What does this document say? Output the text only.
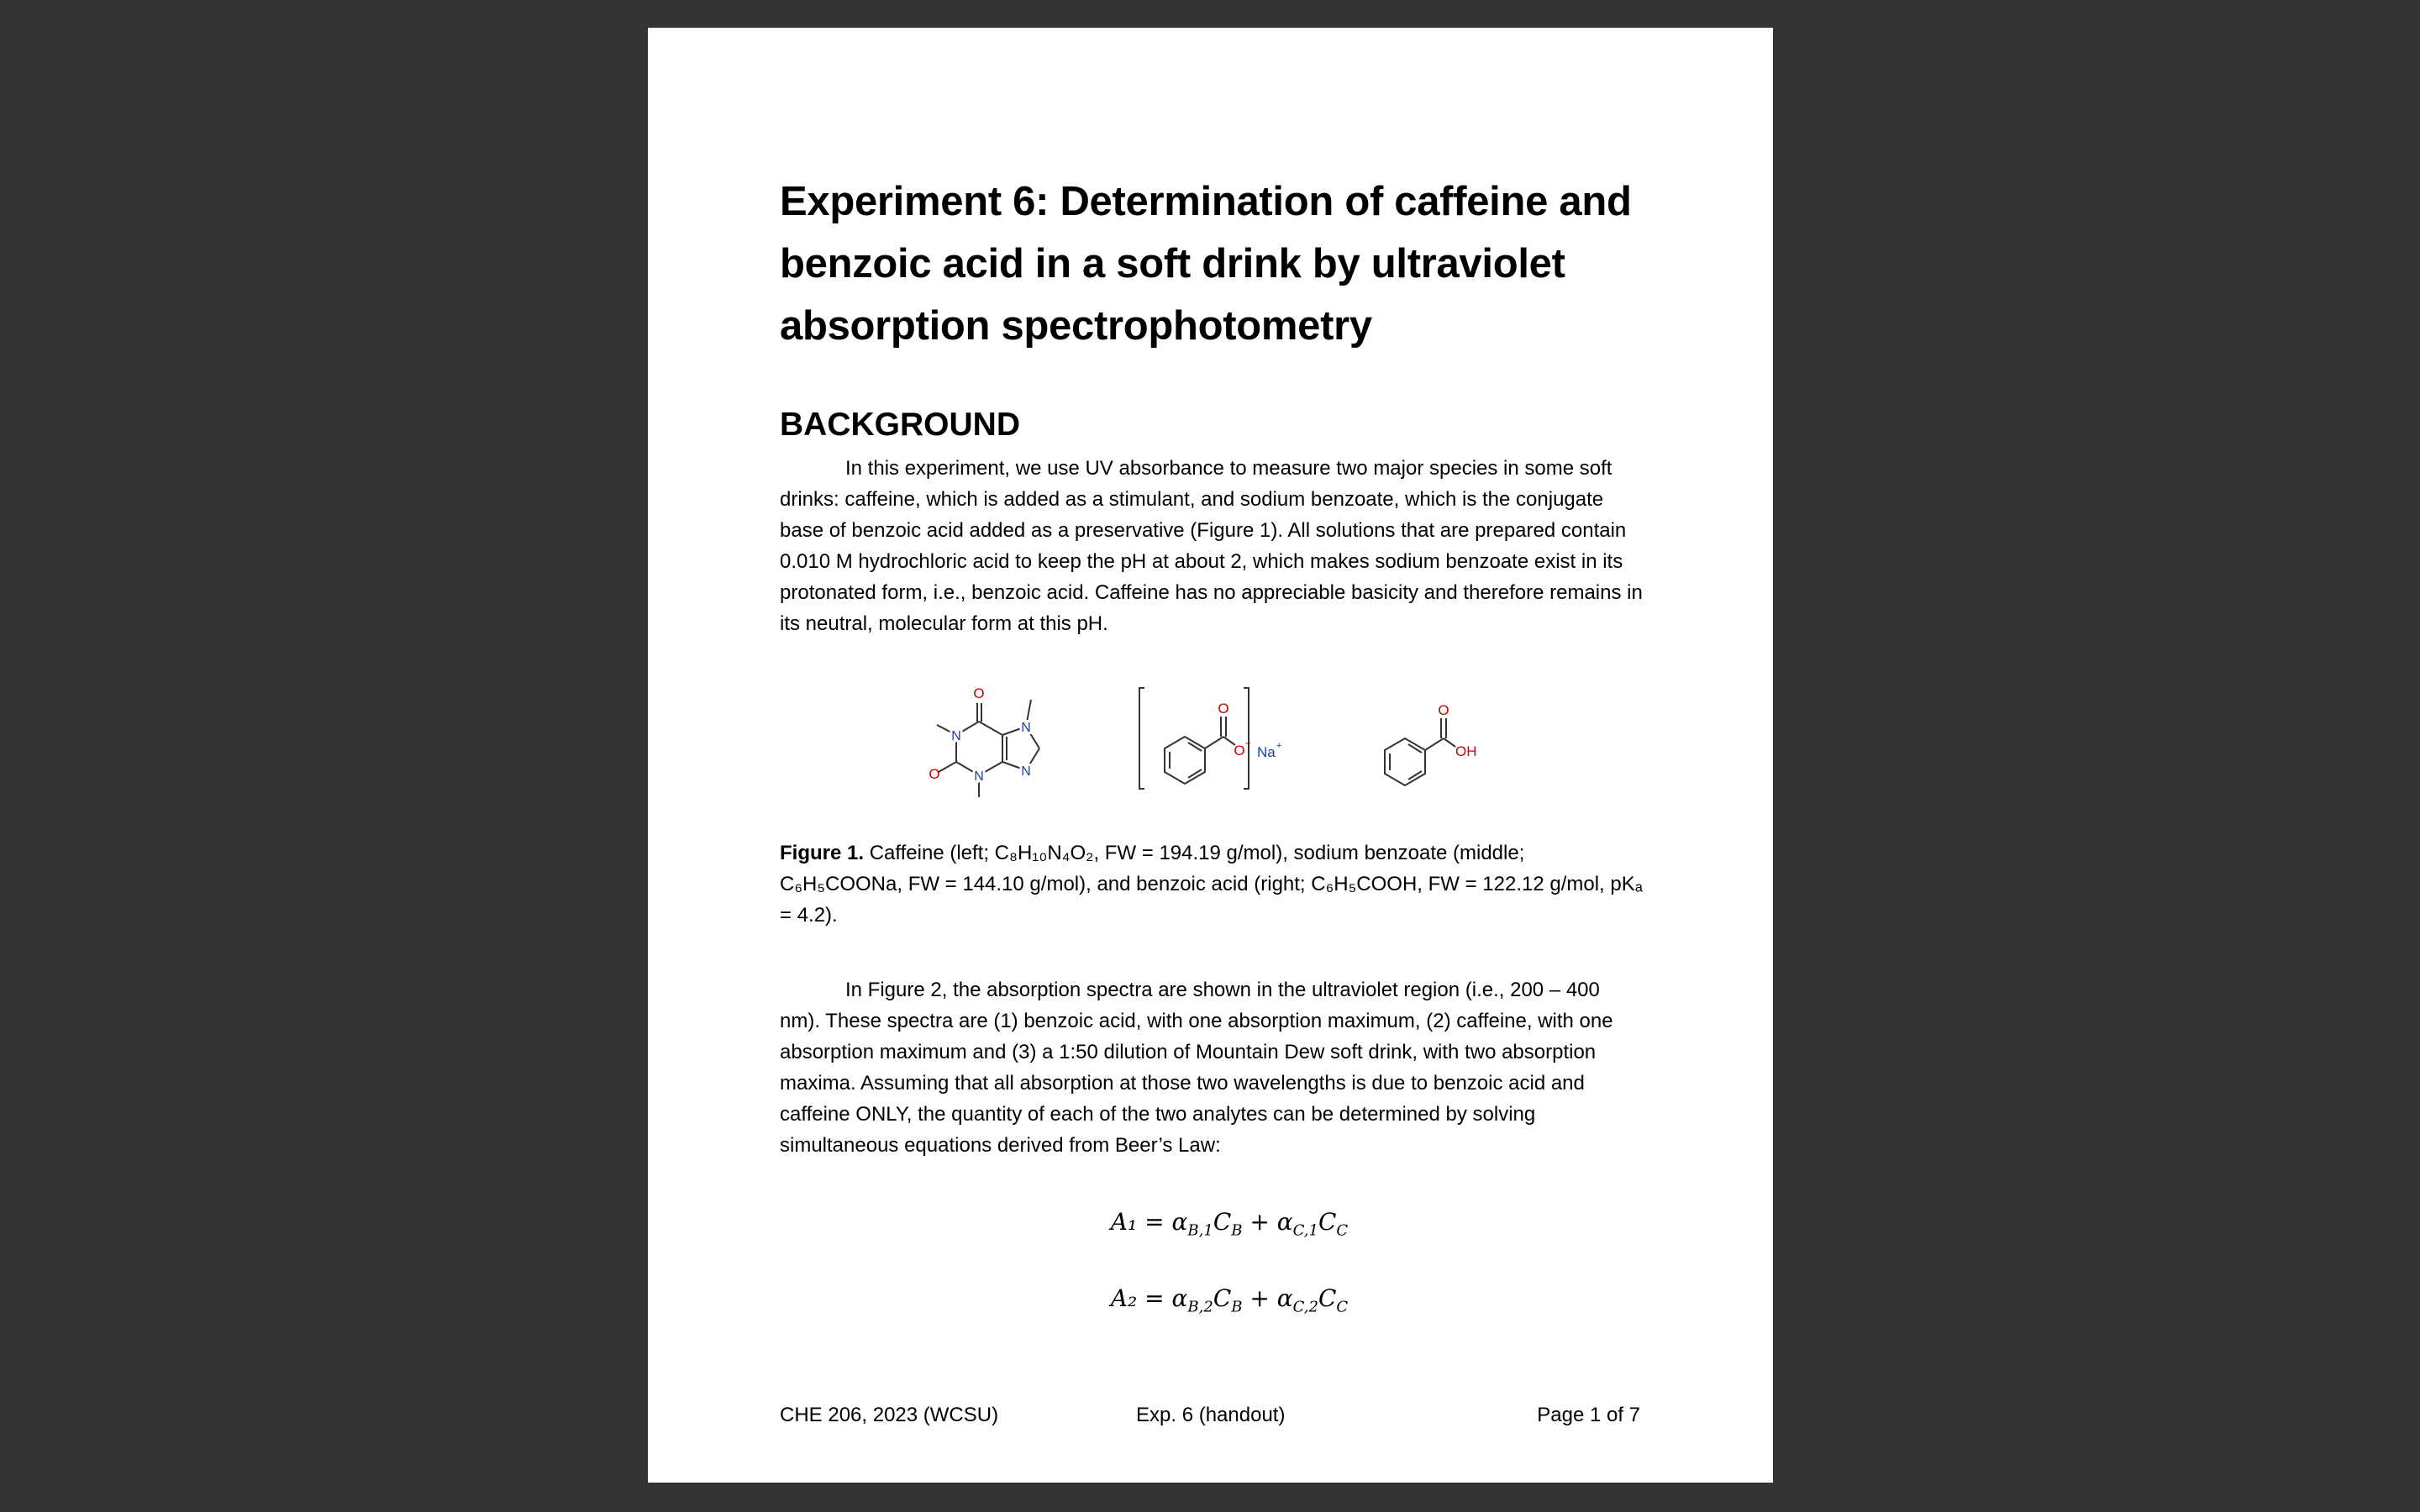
Experiment 6: Determination of caffeine and benzoic acid in a soft drink by ultraviolet absorption spectrophotometry
BACKGROUND

In this experiment, we use UV absorbance to measure two major species in some soft drinks: caffeine, which is added as a stimulant, and sodium benzoate, which is the conjugate base of benzoic acid added as a preservative (Figure 1). All solutions that are prepared contain 0.010 M hydrochloric acid to keep the pH at about 2, which makes sodium benzoate exist in its protonated form, i.e., benzoic acid. Caffeine has no appreciable basicity and therefore remains in its neutral, molecular form at this pH.

O
O
N
N
N
N
O
O −
Na +
O
OH

Figure 1. Caffeine (left; C₈H₁₀N₄O₂, FW = 194.19 g/mol), sodium benzoate (middle; C₆H₅COONa, FW = 144.10 g/mol), and benzoic acid (right; C₆H₅COOH, FW = 122.12 g/mol, pKₐ = 4.2).

In Figure 2, the absorption spectra are shown in the ultraviolet region (i.e., 200 – 400 nm). These spectra are (1) benzoic acid, with one absorption maximum, (2) caffeine, with one absorption maximum and (3) a 1:50 dilution of Mountain Dew soft drink, with two absorption maxima. Assuming that all absorption at those two wavelengths is due to benzoic acid and caffeine ONLY, the quantity of each of the two analytes can be determined by solving simultaneous equations derived from Beer’s Law:

$A_1 = \alpha_{B,1}C_B + \alpha_{C,1}C_C$
$A_2 = \alpha_{B,2}C_B + \alpha_{C,2}C_C$
CHE 206, 2023 (WCSU)	Exp. 6 (handout)	Page 1 of 7
